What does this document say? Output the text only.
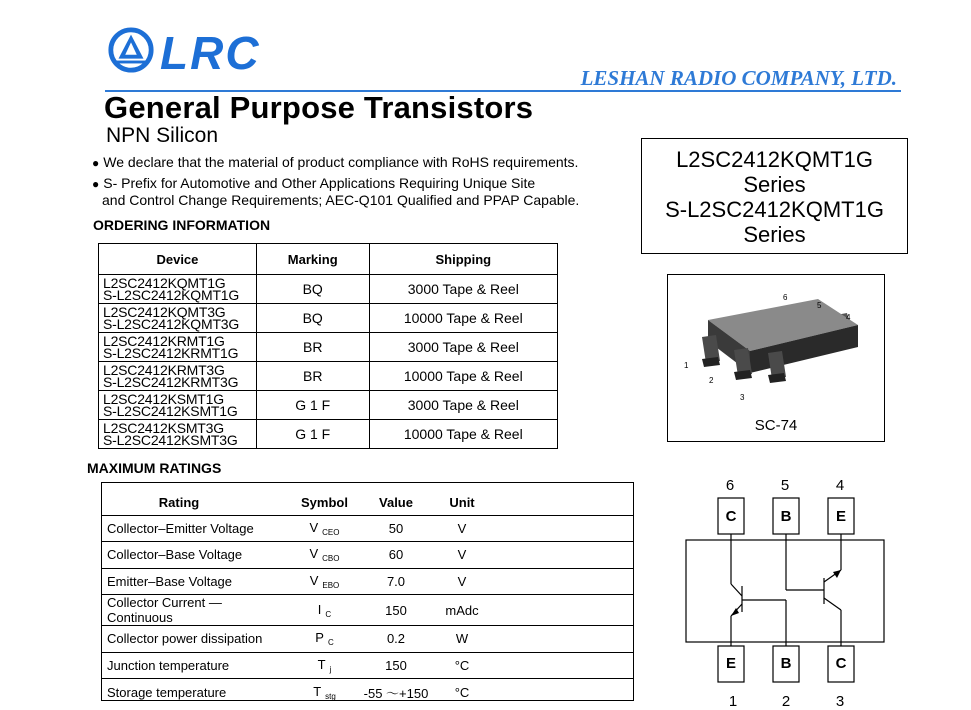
LRC	LESHAN RADIO COMPANY, LTD.
General Purpose Transistors
NPN Silicon
● We declare that the material of product compliance with RoHS requirements.
● S- Prefix for Automotive and Other Applications Requiring Unique Site
and Control Change Requirements; AEC-Q101 Qualified and PPAP Capable.
L2SC2412KQMT1G
Series
S-L2SC2412KQMT1G
Series
ORDERING INFORMATION
Device	Marking	Shipping

L2SC2412KQMT1G
S-L2SC2412KQMT1G	BQ	3000 Tape & Reel

L2SC2412KQMT3G
S-L2SC2412KQMT3G	BQ	10000 Tape & Reel

L2SC2412KRMT1G
S-L2SC2412KRMT1G	BR	3000 Tape & Reel

L2SC2412KRMT3G
S-L2SC2412KRMT3G	BR	10000 Tape & Reel

L2SC2412KSMT1G
S-L2SC2412KSMT1G	G 1 F	3000 Tape & Reel

L2SC2412KSMT3G
S-L2SC2412KSMT3G	G 1 F	10000 Tape & Reel
1
2
3
4
5
6
SC-74
MAXIMUM RATINGS
Rating	Symbol	Value	Unit	
Collector–Emitter Voltage	V $_{CEO}$	50	V	
Collector–Base Voltage	V $_{CBO}$	60	V	
Emitter–Base Voltage	V $_{EBO}$	7.0	V	
Collector Current — Continuous	I $_C$	150	mAdc	
Collector power dissipation	P $_C$	0.2	W	
Junction temperature	T $_j$	150	°C	
Storage temperature	T $_{stg}$	-55 〜+150	°C	
6	5	4
1	2	3
C	B	E
E	B	C
